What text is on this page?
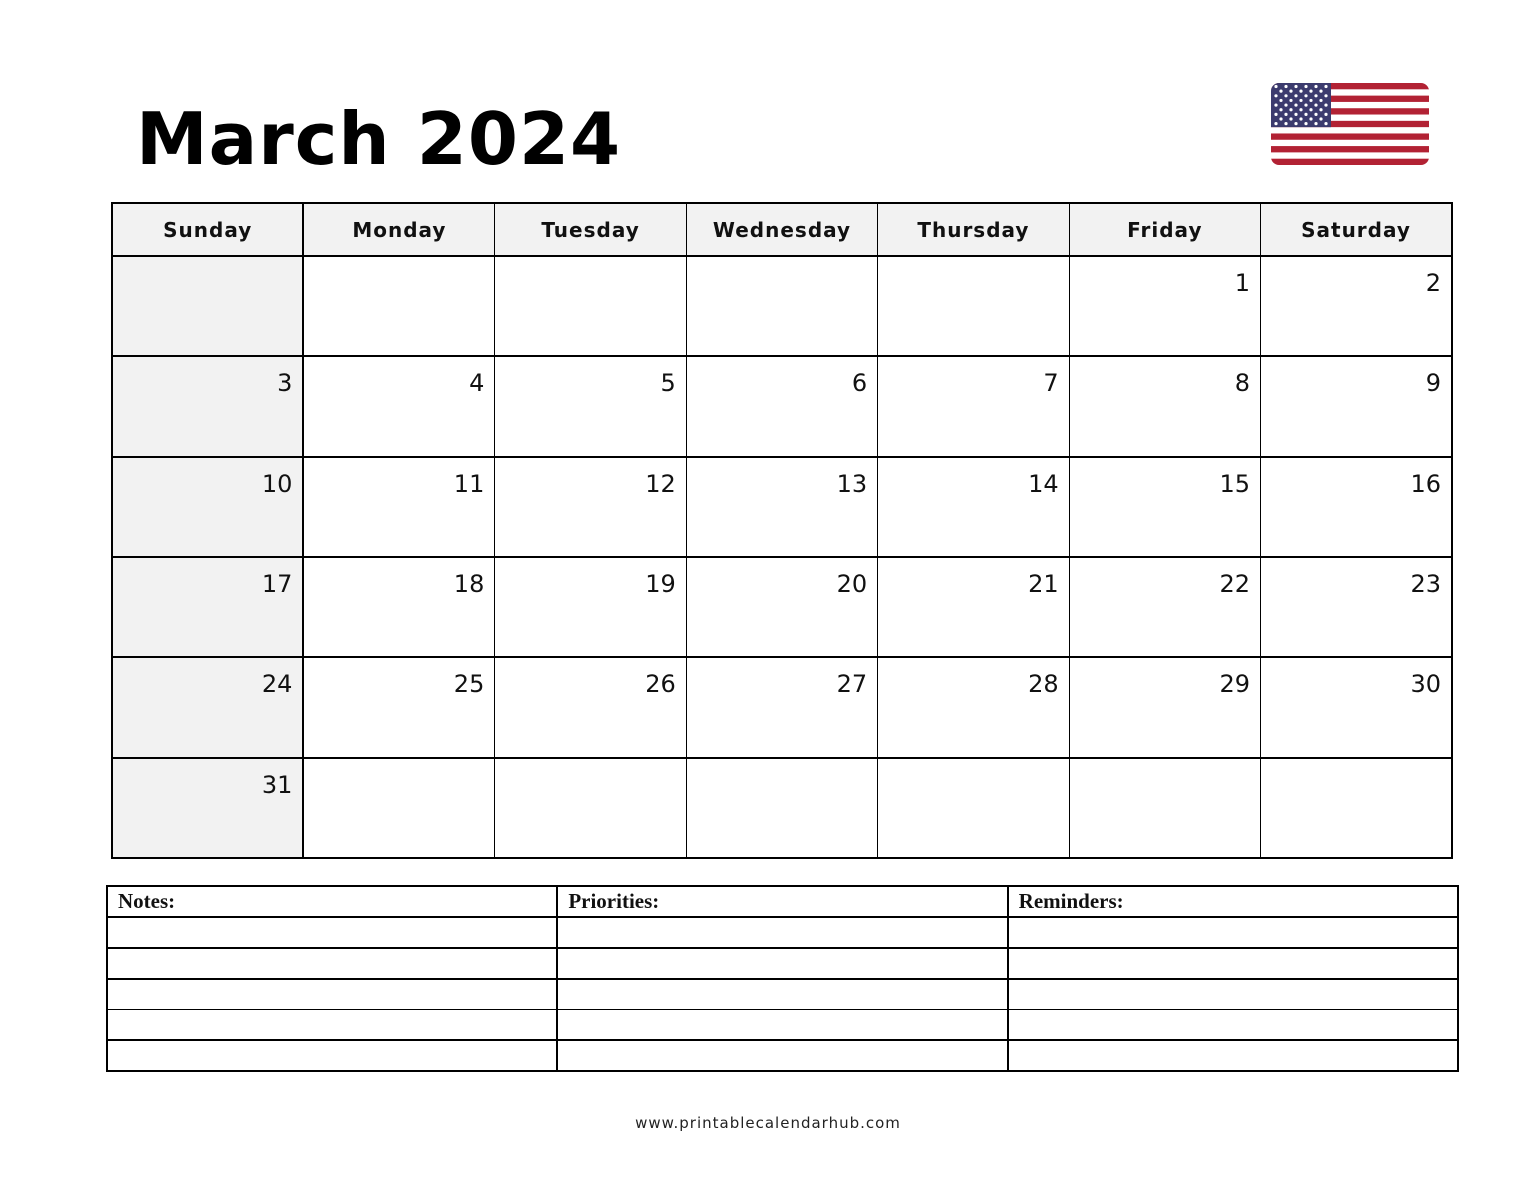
March 2024
Sunday	Monday	Tuesday	Wednesday	Thursday	Friday	Saturday
					1	2
3	4	5	6	7	8	9
10	11	12	13	14	15	16
17	18	19	20	21	22	23
24	25	26	27	28	29	30
31						
Notes:	Priorities:	Reminders:

www.printablecalendarhub.com
